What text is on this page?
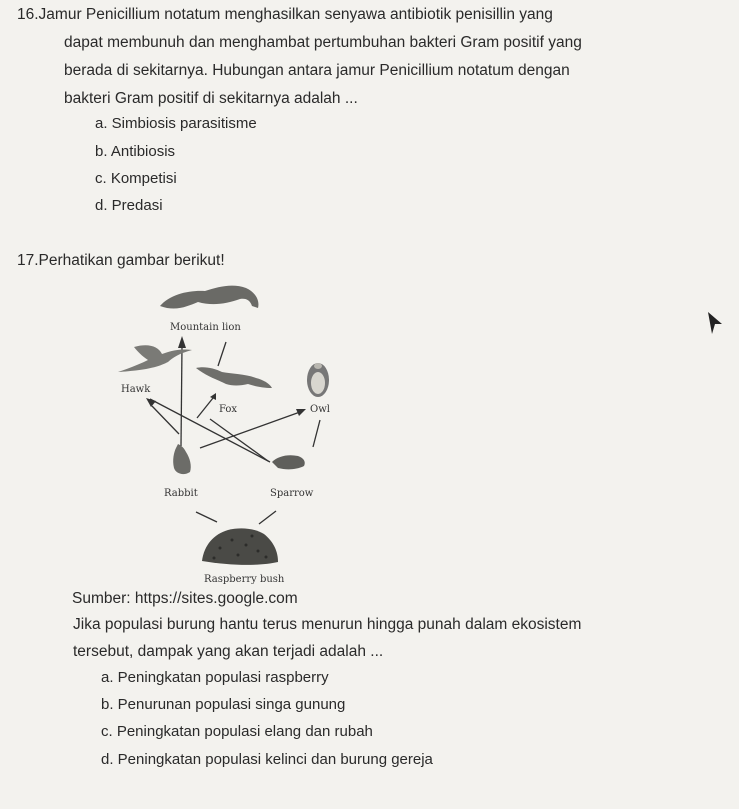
16.Jamur Penicillium notatum menghasilkan senyawa antibiotik penisillin yang
dapat membunuh dan menghambat pertumbuhan bakteri Gram positif yang
berada di sekitarnya. Hubungan antara jamur Penicillium notatum dengan
bakteri Gram positif di sekitarnya adalah ...
a. Simbiosis parasitisme
b. Antibiosis
c. Kompetisi
d. Predasi
17.Perhatikan gambar berikut!
Mountain lion
Hawk
Fox	Owl
Rabbit	Sparrow
Raspberry bush
Sumber: https://sites.google.com
Jika populasi burung hantu terus menurun hingga punah dalam ekosistem
tersebut, dampak yang akan terjadi adalah ...
a. Peningkatan populasi raspberry
b. Penurunan populasi singa gunung
c. Peningkatan populasi elang dan rubah
d. Peningkatan populasi kelinci dan burung gereja
